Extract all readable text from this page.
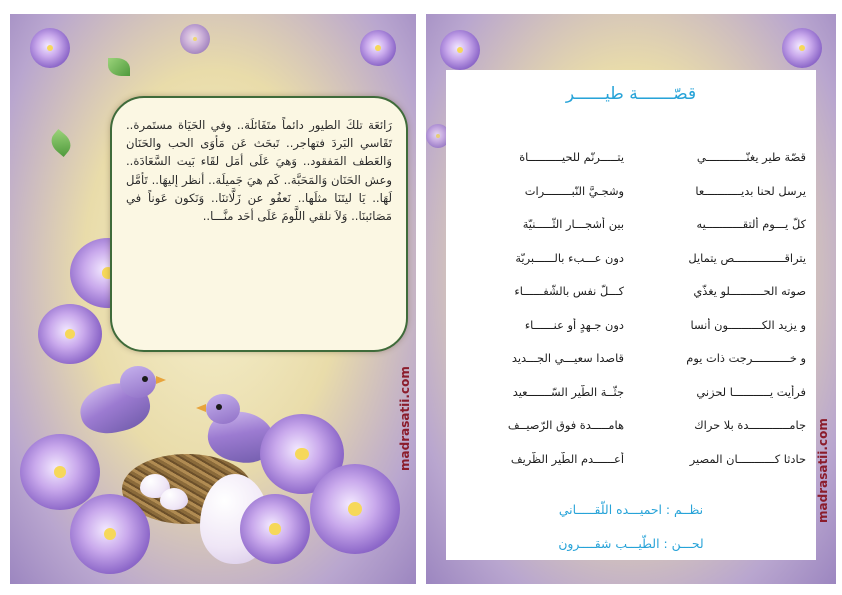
رَائعَة تلكَ الطيور دائماً متَفَائلَة.. وفي الحَيَاة مستَمرة.. تَقَاسي البَردَ فتهاجر.. تَبحَث عَن مَأوَى الحب والحَنَان وَالعَطف المَفقود.. وَهيَ عَلَى أمَل لقَاء بَيت السَّعَادَة.. وعش الحَنَان وَالمَحَبَّة.. كَم هيَ جَميلَة.. أنظر إليهَا.. تَأمَّل لَهَا.. يَا ليتَنَا مثلَها.. نَعفُو عن زَلَّاتنَا.. وَنَكون عَوناً في مَصَائبنَا.. وَلاَ نلقي اللَّومَ عَلَى أحَد منَّـــا..
madrasatii.com
قصّـــــــة طيــــــر
قصّة طير يغنّــــــــــــي
يتـــــرنّم للحيــــــــــاة
يرسل لحنا بديـــــــــــعا
وشجـيَّ النّبــــــــرات
كلّ يـــوم ألتقـــــــــــيه
بين أشجـــار الثّـــــنيّة
يتراقـــــــــــــــص يتمايل
دون عـــبء بالــــــبريّة
صوته الحــــــــــلو يغذّي
كـــلّ نفس بالشّفــــــاء
و يزيد الكــــــــــون أنسا
دون جـهدٍ أو عنــــــاء
و خـــــــــــرجت ذات يوم
قاصدا سعيـــي الجـــديد
فرأيت يـــــــــــا لحزني
جثّــة الطّير السّـــــــعيد
جامــــــــــــدة بلا حراك
هامـــــدة فوق الرّصيــف
حادثا كـــــــــــان المصير
أعــــــدم الطّير الظّريف
نظــم : احميـــده اللّقـــــاني
لحـــن : الطّيـــب شقــــرون
madrasatii.com
